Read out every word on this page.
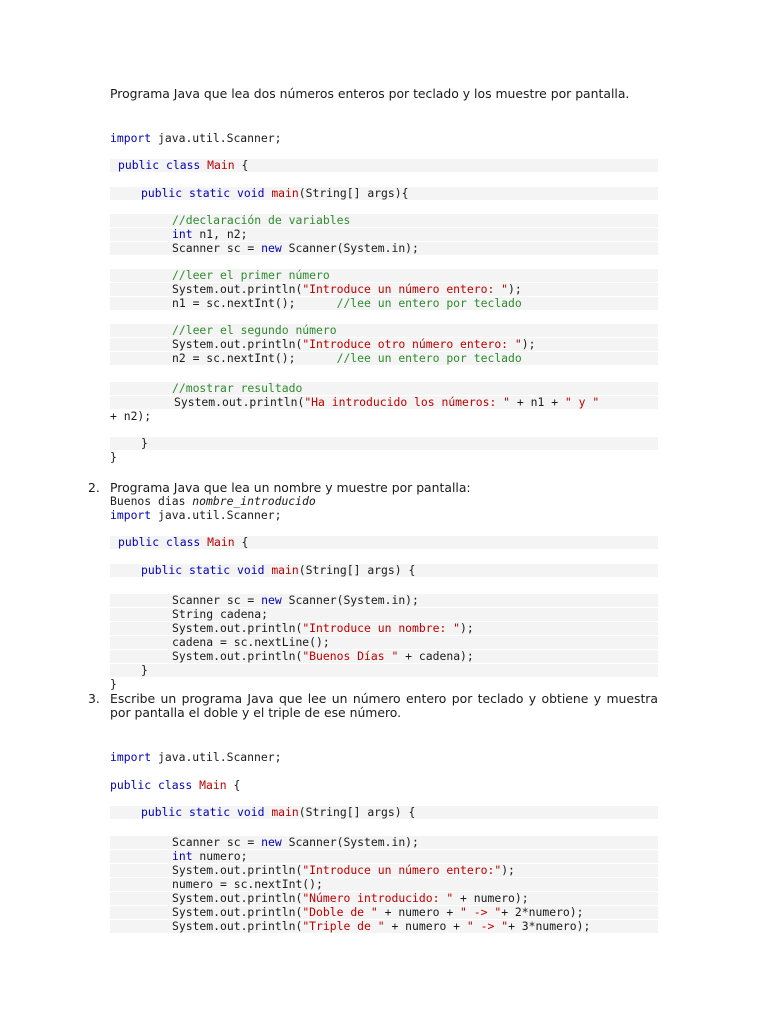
Programa Java que lea dos números enteros por teclado y los muestre por pantalla.
import java.util.Scanner;
public class Main {
public static void main(String[] args){
//declaración de variables
int n1, n2;
Scanner sc = new Scanner(System.in);
//leer el primer número
System.out.println("Introduce un número entero: ");
n1 = sc.nextInt();      //lee un entero por teclado
//leer el segundo número
System.out.println("Introduce otro número entero: ");
n2 = sc.nextInt();      //lee un entero por teclado
//mostrar resultado
System.out.println("Ha introducido los números: " + n1 + " y "
+ n2);
}
}
2. Programa Java que lea un nombre y muestre por pantalla:
Buenos dias nombre_introducido
import java.util.Scanner;
public class Main {
public static void main(String[] args) {
Scanner sc = new Scanner(System.in);
String cadena;
System.out.println("Introduce un nombre: ");
cadena = sc.nextLine();
System.out.println("Buenos Días " + cadena);
}
}
3. Escribe un programa Java que lee un número entero por teclado y obtiene y muestra por pantalla el doble y el triple de ese número.
import java.util.Scanner;
public class Main {
public static void main(String[] args) {
Scanner sc = new Scanner(System.in);
int numero;
System.out.println("Introduce un número entero:");
numero = sc.nextInt();
System.out.println("Número introducido: " + numero);
System.out.println("Doble de " + numero + " -> "+ 2*numero);
System.out.println("Triple de " + numero + " -> "+ 3*numero);
